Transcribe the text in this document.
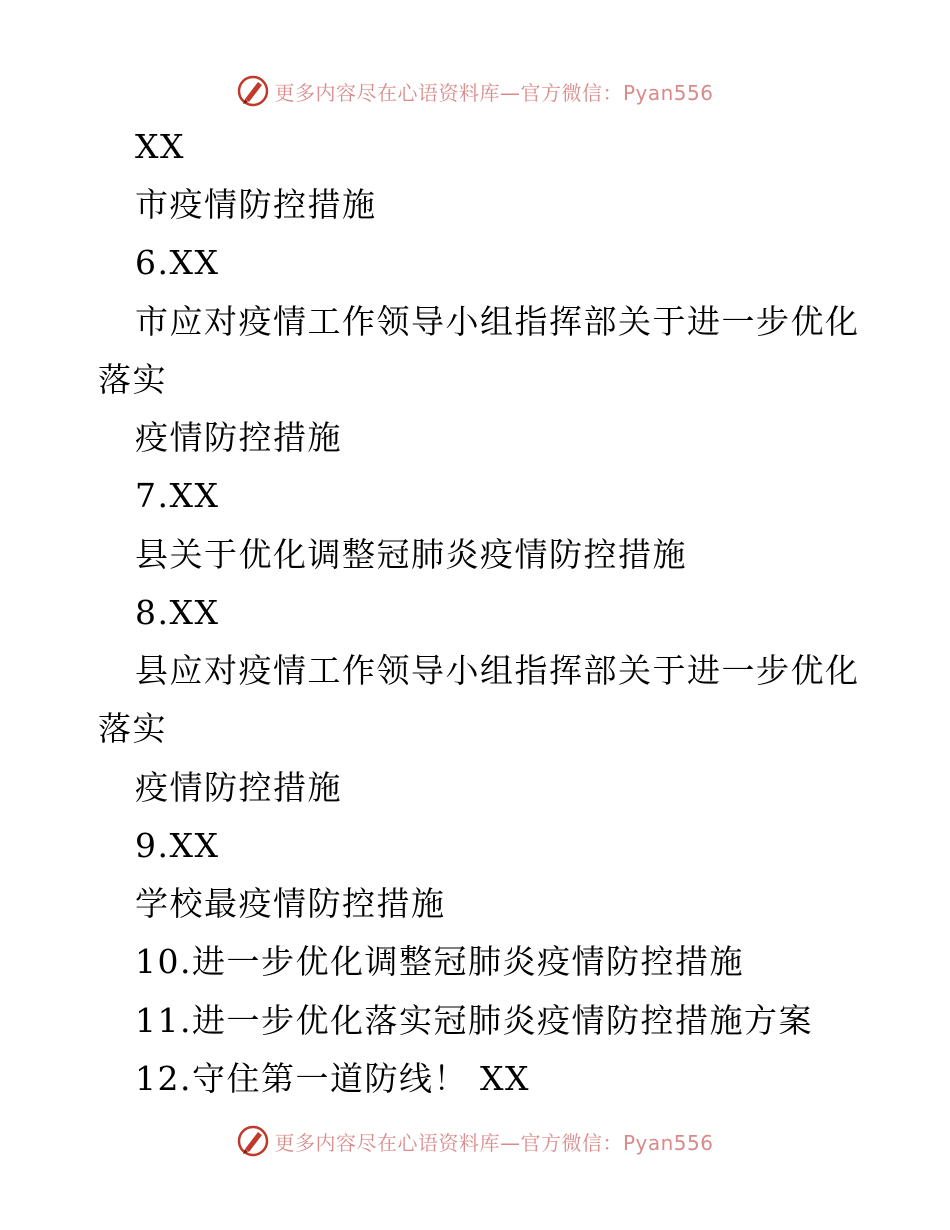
更多内容尽在心语资料库—官方微信：Pyan556
XX
市疫情防控措施
6.XX
市应对疫情工作领导小组指挥部关于进一步优化
落实
疫情防控措施
7.XX
县关于优化调整冠肺炎疫情防控措施
8.XX
县应对疫情工作领导小组指挥部关于进一步优化
落实
疫情防控措施
9.XX
学校最疫情防控措施
10.进一步优化调整冠肺炎疫情防控措施
11.进一步优化落实冠肺炎疫情防控措施方案
12.守住第一道防线！ XX
更多内容尽在心语资料库—官方微信：Pyan556
